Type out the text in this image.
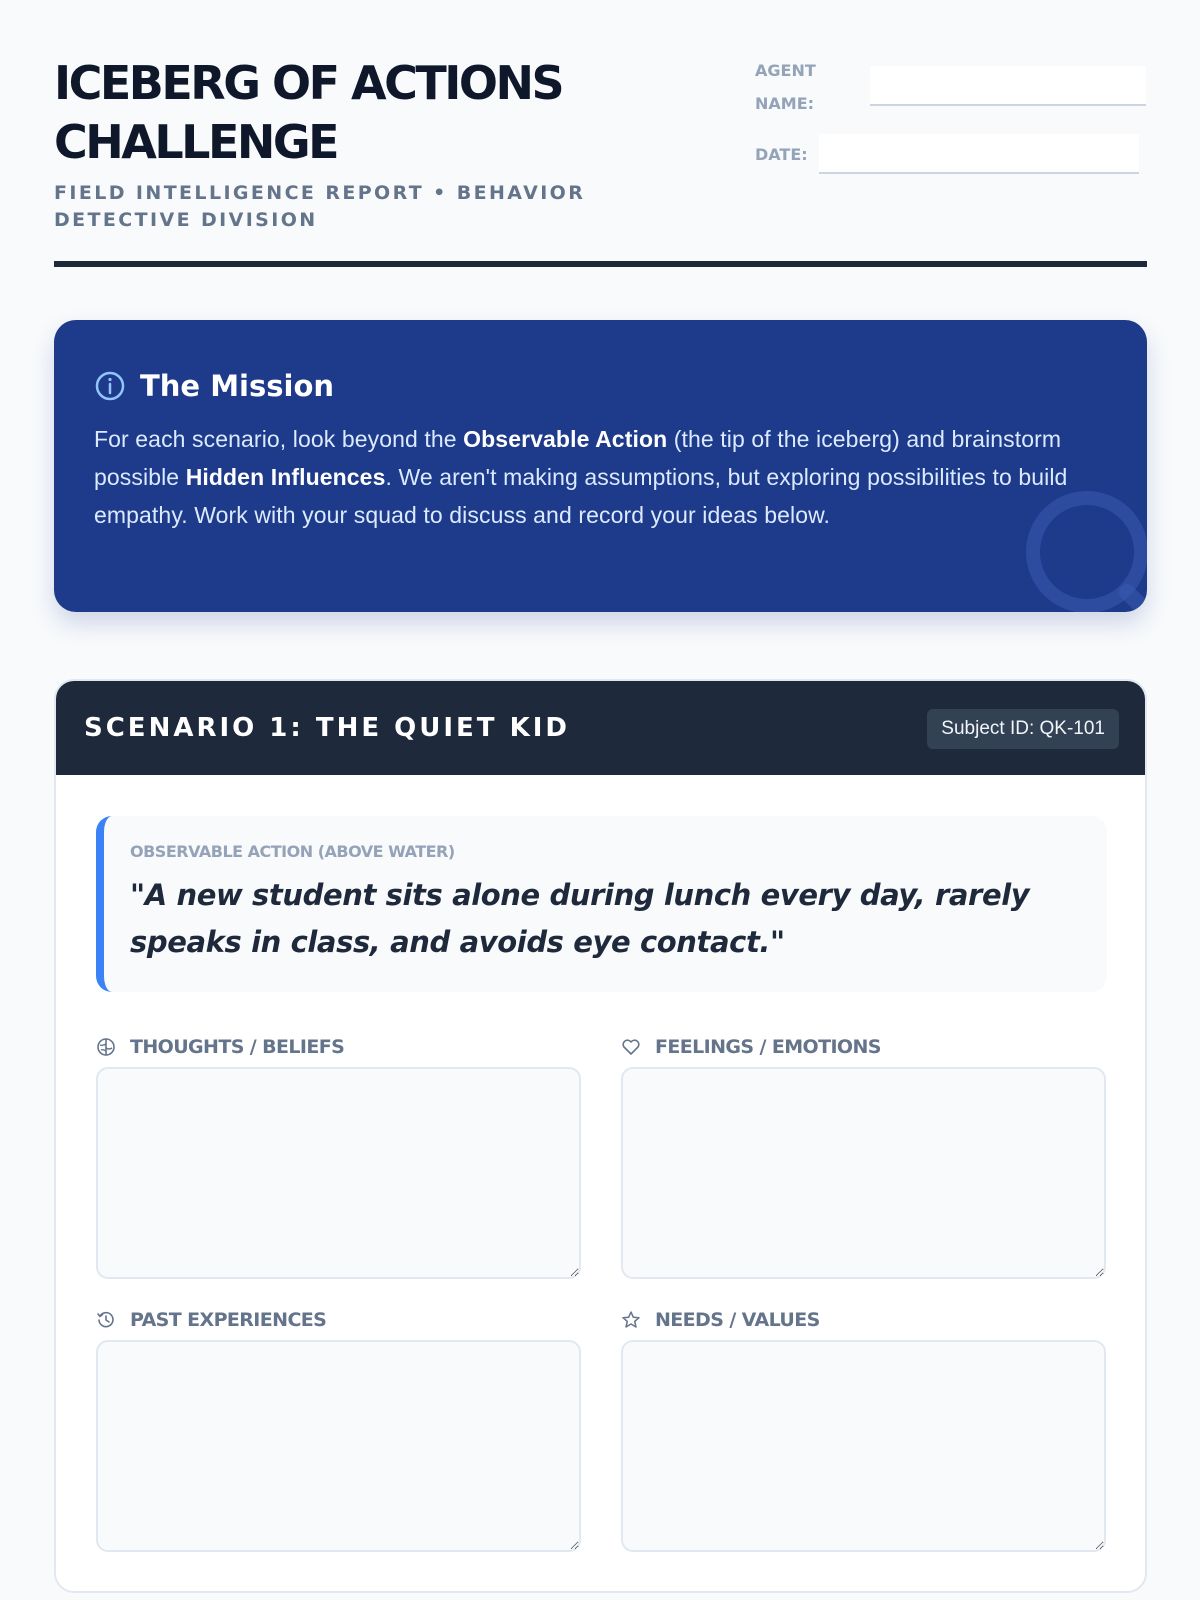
ICEBERG OF ACTIONS CHALLENGE
FIELD INTELLIGENCE REPORT • BEHAVIOR DETECTIVE DIVISION
AGENT NAME:
DATE:
The Mission
For each scenario, look beyond the Observable Action (the tip of the iceberg) and brainstorm possible Hidden Influences. We aren't making assumptions, but exploring possibilities to build empathy. Work with your squad to discuss and record your ideas below.
SCENARIO 1: THE QUIET KID	Subject ID: QK-101
OBSERVABLE ACTION (ABOVE WATER)
"A new student sits alone during lunch every day, rarely speaks in class, and avoids eye contact."
THOUGHTS / BELIEFS	FEELINGS / EMOTIONS
PAST EXPERIENCES	NEEDS / VALUES
